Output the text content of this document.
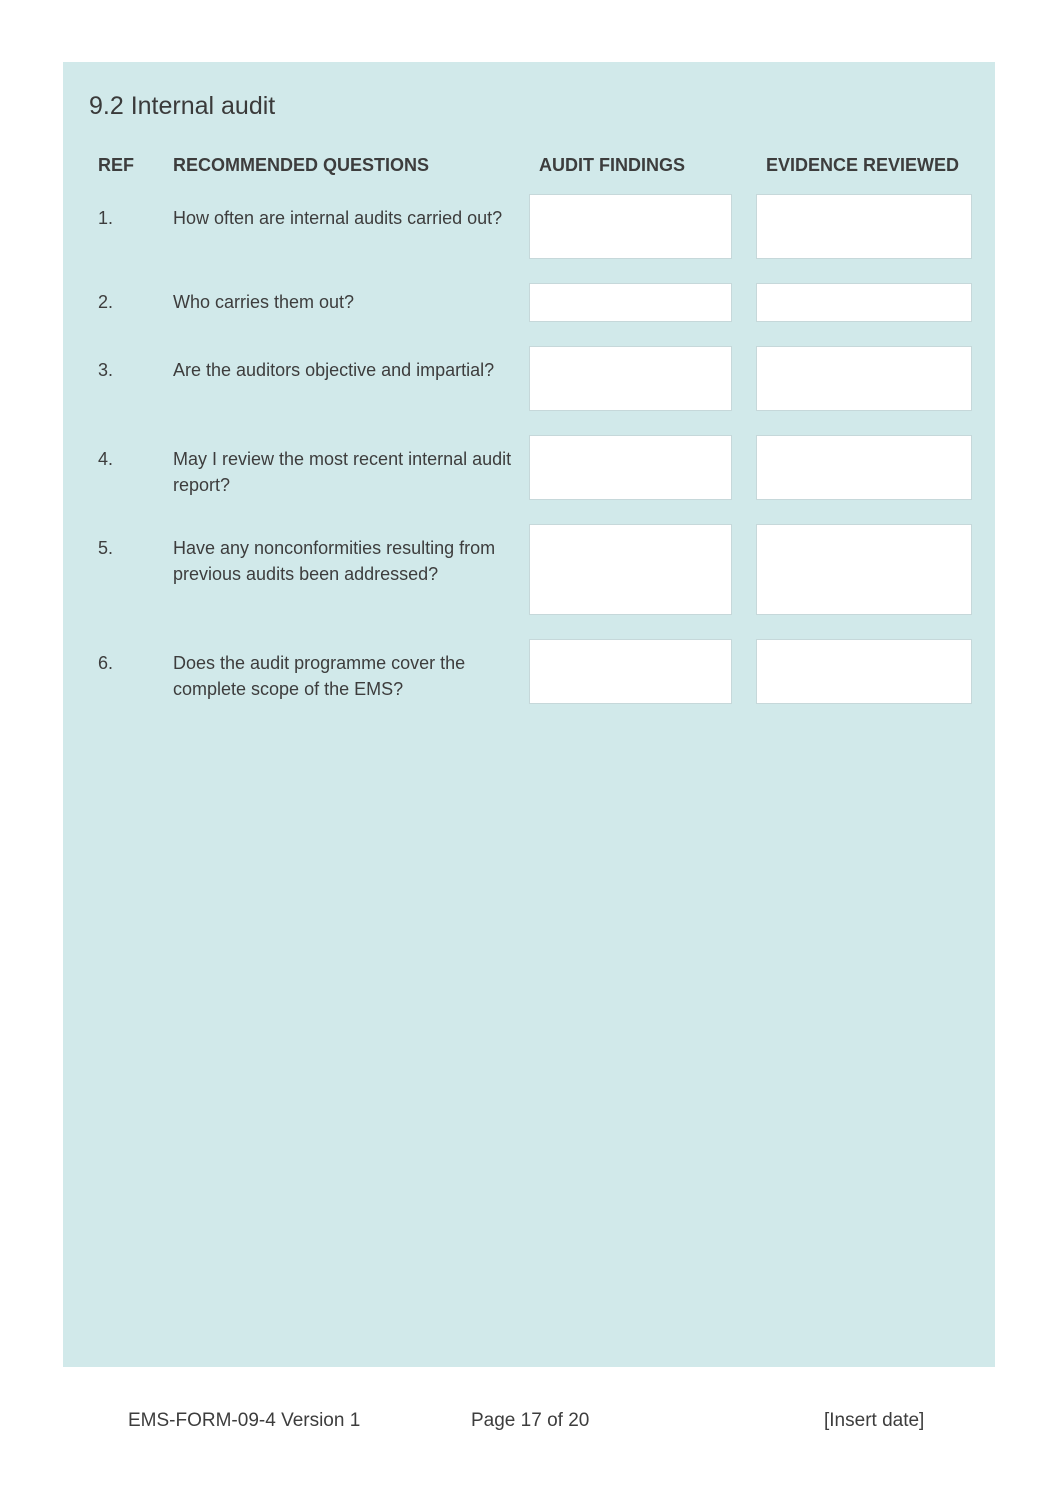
9.2 Internal audit
REF RECOMMENDED QUESTIONS	AUDIT FINDINGS	EVIDENCE REVIEWED
1.	How often are internal audits carried out?
2.	Who carries them out?
3.	Are the auditors objective and impartial?
4.	May I review the most recent internal audit report?
5.	Have any nonconformities resulting from previous audits been addressed?
6.	Does the audit programme cover the complete scope of the EMS?
EMS-FORM-09-4 Version 1	Page 17 of 20	[Insert date]
